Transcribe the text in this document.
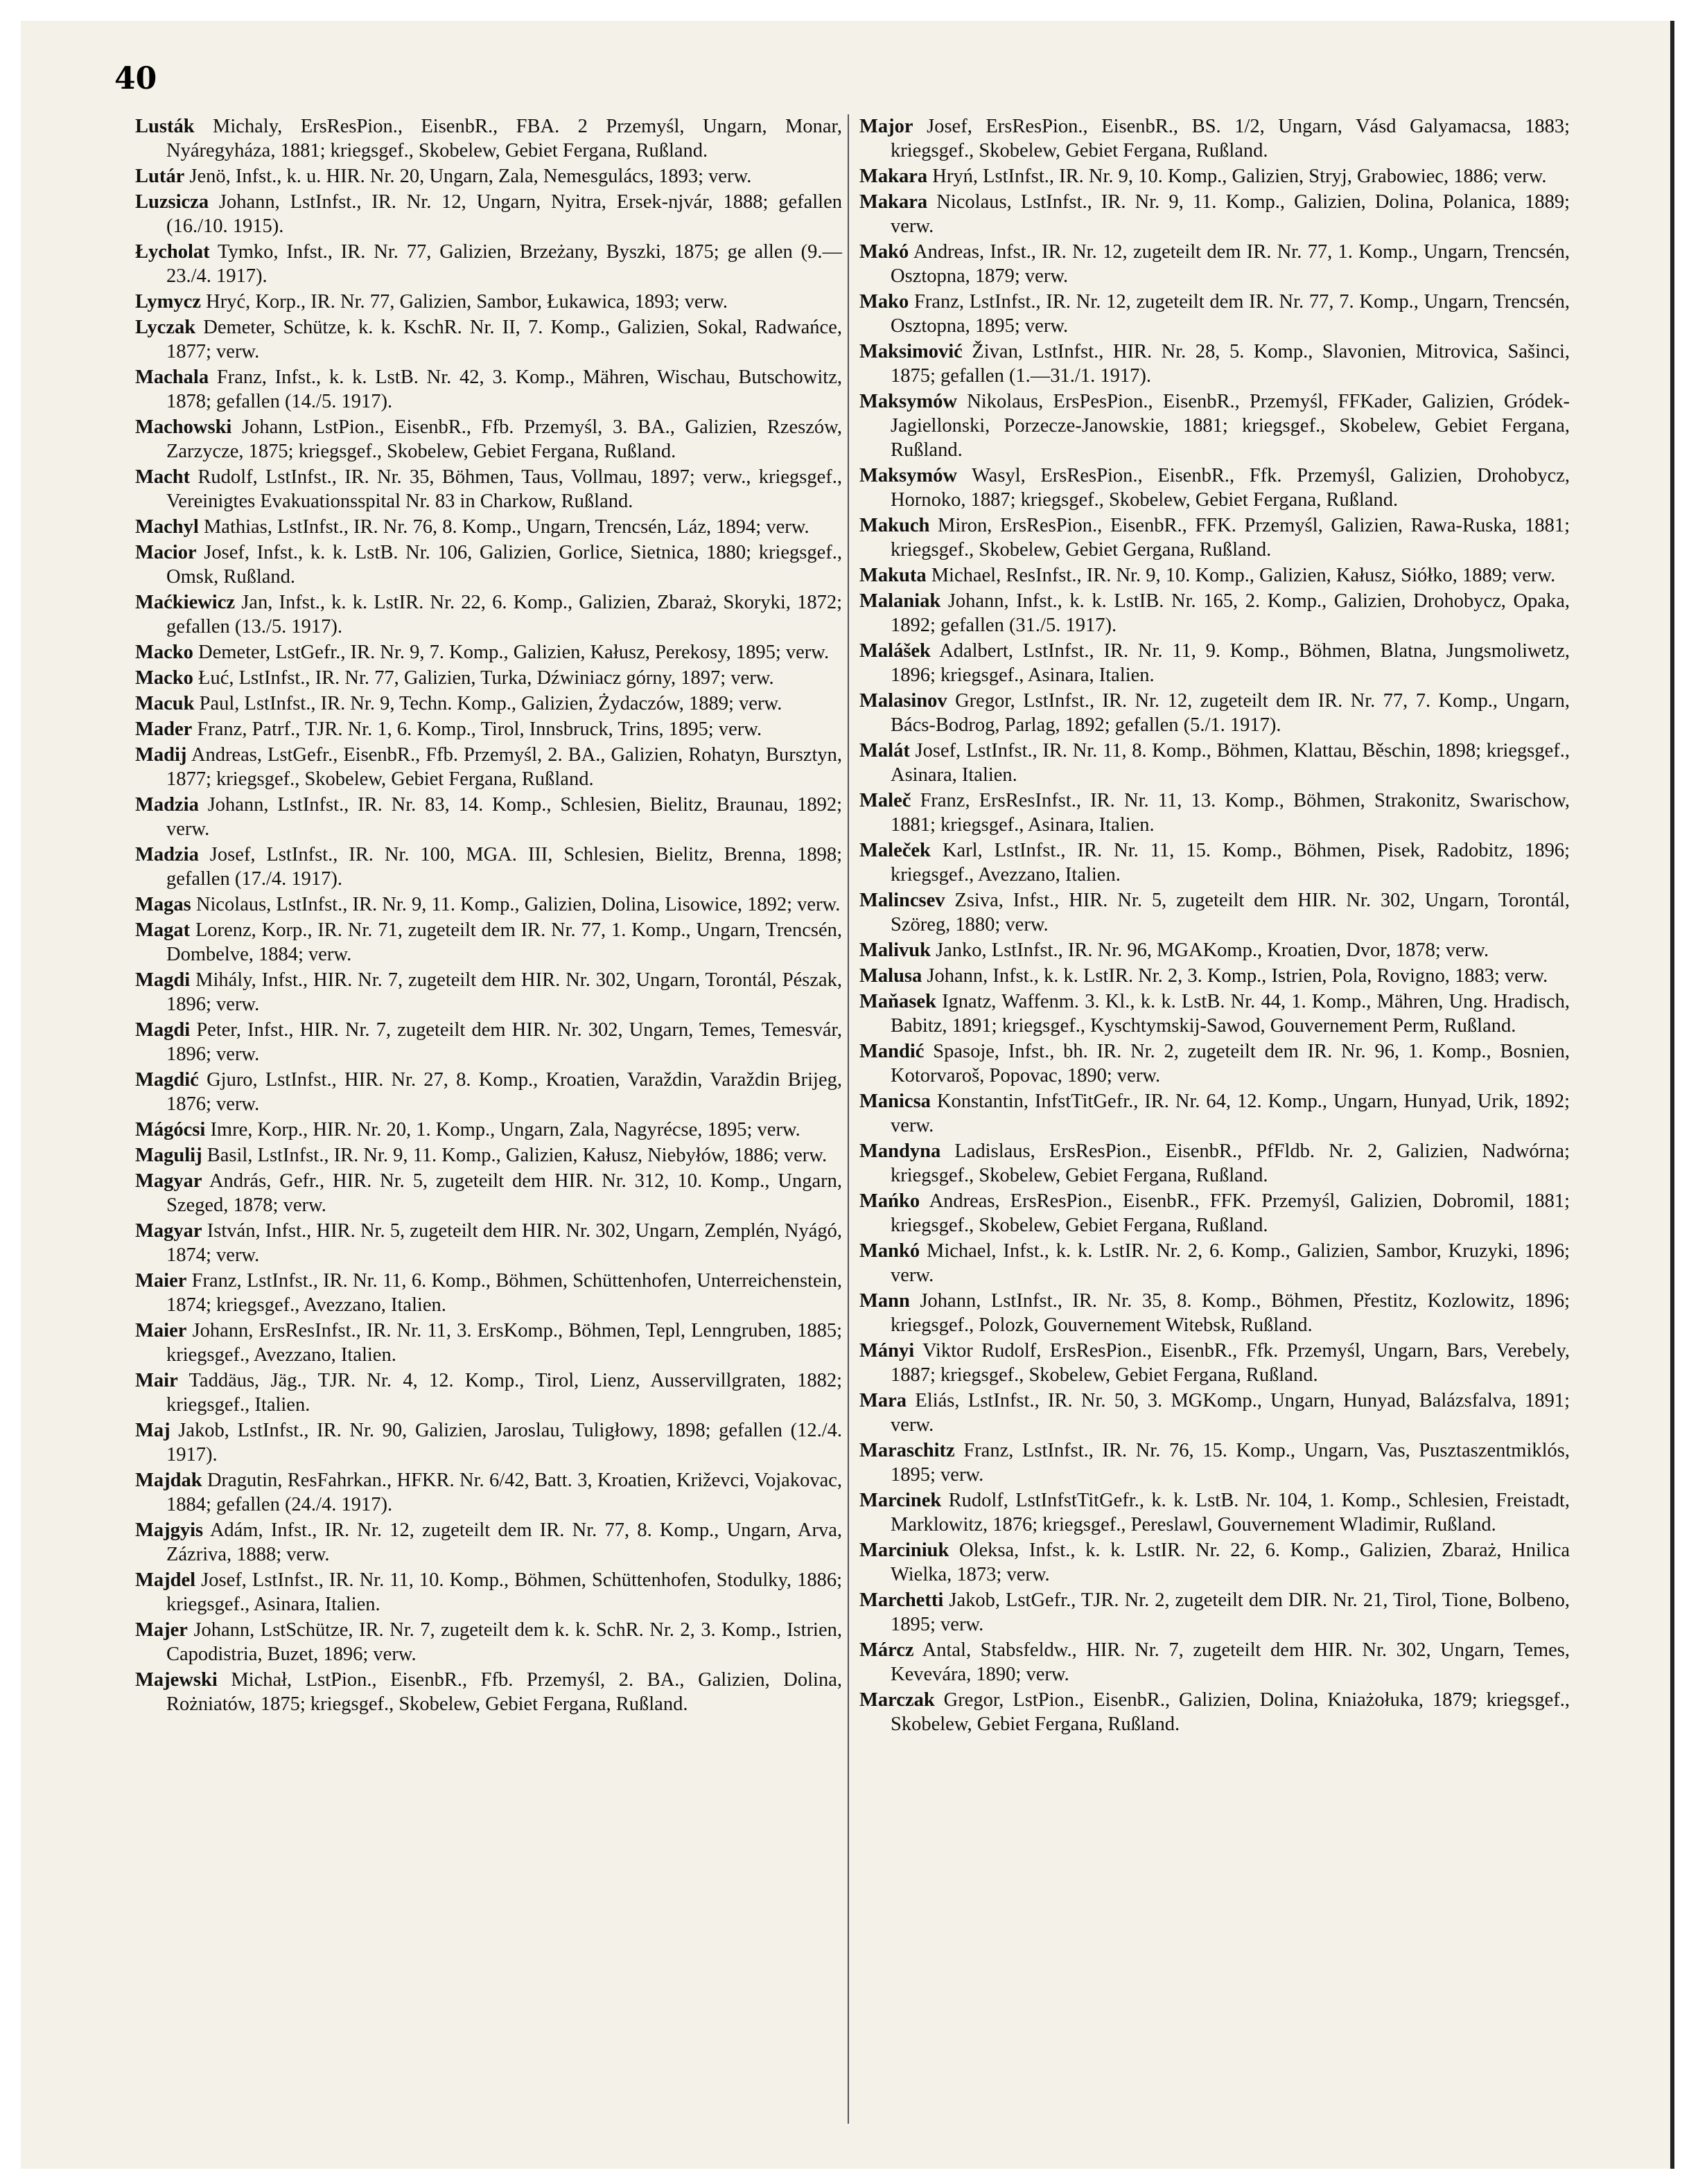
40

Lusták Michaly, ErsResPion., EisenbR., FBA. 2 Przemyśl, Ungarn, Monar, Nyáregyháza, 1881; kriegsgef., Skobelew, Gebiet Fergana, Rußland.

Lutár Jenö, Infst., k. u. HIR. Nr. 20, Ungarn, Zala, Nemesgulács, 1893; verw.

Luzsicza Johann, LstInfst., IR. Nr. 12, Ungarn, Nyitra, Ersek-njvár, 1888; gefallen (16./10. 1915).

Łycholat Tymko, Infst., IR. Nr. 77, Galizien, Brzeżany, Byszki, 1875; ge allen (9.—23./4. 1917).

Lymycz Hryć, Korp., IR. Nr. 77, Galizien, Sambor, Łukawica, 1893; verw.

Lyczak Demeter, Schütze, k. k. KschR. Nr. II, 7. Komp., Galizien, Sokal, Radwańce, 1877; verw.

Machala Franz, Infst., k. k. LstB. Nr. 42, 3. Komp., Mähren, Wischau, Butschowitz, 1878; gefallen (14./5. 1917).

Machowski Johann, LstPion., EisenbR., Ffb. Przemyśl, 3. BA., Galizien, Rzeszów, Zarzycze, 1875; kriegsgef., Skobelew, Gebiet Fergana, Rußland.

Macht Rudolf, LstInfst., IR. Nr. 35, Böhmen, Taus, Vollmau, 1897; verw., kriegsgef., Vereinigtes Evakuationsspital Nr. 83 in Charkow, Rußland.

Machyl Mathias, LstInfst., IR. Nr. 76, 8. Komp., Ungarn, Trencsén, Láz, 1894; verw.

Macior Josef, Infst., k. k. LstB. Nr. 106, Galizien, Gorlice, Sietnica, 1880; kriegsgef., Omsk, Rußland.

Maćkiewicz Jan, Infst., k. k. LstIR. Nr. 22, 6. Komp., Galizien, Zbaraż, Skoryki, 1872; gefallen (13./5. 1917).

Macko Demeter, LstGefr., IR. Nr. 9, 7. Komp., Galizien, Kałusz, Perekosy, 1895; verw.

Macko Łuć, LstInfst., IR. Nr. 77, Galizien, Turka, Dźwiniacz górny, 1897; verw.

Macuk Paul, LstInfst., IR. Nr. 9, Techn. Komp., Galizien, Żydaczów, 1889; verw.

Mader Franz, Patrf., TJR. Nr. 1, 6. Komp., Tirol, Innsbruck, Trins, 1895; verw.

Madij Andreas, LstGefr., EisenbR., Ffb. Przemyśl, 2. BA., Galizien, Rohatyn, Bursztyn, 1877; kriegsgef., Skobelew, Gebiet Fergana, Rußland.

Madzia Johann, LstInfst., IR. Nr. 83, 14. Komp., Schlesien, Bielitz, Braunau, 1892; verw.

Madzia Josef, LstInfst., IR. Nr. 100, MGA. III, Schlesien, Bielitz, Brenna, 1898; gefallen (17./4. 1917).

Magas Nicolaus, LstInfst., IR. Nr. 9, 11. Komp., Galizien, Dolina, Lisowice, 1892; verw.

Magat Lorenz, Korp., IR. Nr. 71, zugeteilt dem IR. Nr. 77, 1. Komp., Ungarn, Trencsén, Dombelve, 1884; verw.

Magdi Mihály, Infst., HIR. Nr. 7, zugeteilt dem HIR. Nr. 302, Ungarn, Torontál, Pészak, 1896; verw.

Magdi Peter, Infst., HIR. Nr. 7, zugeteilt dem HIR. Nr. 302, Ungarn, Temes, Temesvár, 1896; verw.

Magdić Gjuro, LstInfst., HIR. Nr. 27, 8. Komp., Kroatien, Varaždin, Varaždin Brijeg, 1876; verw.

Mágócsi Imre, Korp., HIR. Nr. 20, 1. Komp., Ungarn, Zala, Nagyrécse, 1895; verw.

Magulij Basil, LstInfst., IR. Nr. 9, 11. Komp., Galizien, Kałusz, Niebyłów, 1886; verw.

Magyar András, Gefr., HIR. Nr. 5, zugeteilt dem HIR. Nr. 312, 10. Komp., Ungarn, Szeged, 1878; verw.

Magyar István, Infst., HIR. Nr. 5, zugeteilt dem HIR. Nr. 302, Ungarn, Zemplén, Nyágó, 1874; verw.

Maier Franz, LstInfst., IR. Nr. 11, 6. Komp., Böhmen, Schüttenhofen, Unterreichenstein, 1874; kriegsgef., Avezzano, Italien.

Maier Johann, ErsResInfst., IR. Nr. 11, 3. ErsKomp., Böhmen, Tepl, Lenngruben, 1885; kriegsgef., Avezzano, Italien.

Mair Taddäus, Jäg., TJR. Nr. 4, 12. Komp., Tirol, Lienz, Ausservillgraten, 1882; kriegsgef., Italien.

Maj Jakob, LstInfst., IR. Nr. 90, Galizien, Jaroslau, Tuligłowy, 1898; gefallen (12./4. 1917).

Majdak Dragutin, ResFahrkan., HFKR. Nr. 6/42, Batt. 3, Kroatien, Križevci, Vojakovac, 1884; gefallen (24./4. 1917).

Majgyis Adám, Infst., IR. Nr. 12, zugeteilt dem IR. Nr. 77, 8. Komp., Ungarn, Arva, Zázriva, 1888; verw.

Majdel Josef, LstInfst., IR. Nr. 11, 10. Komp., Böhmen, Schüttenhofen, Stodulky, 1886; kriegsgef., Asinara, Italien.

Majer Johann, LstSchütze, IR. Nr. 7, zugeteilt dem k. k. SchR. Nr. 2, 3. Komp., Istrien, Capodistria, Buzet, 1896; verw.

Majewski Michał, LstPion., EisenbR., Ffb. Przemyśl, 2. BA., Galizien, Dolina, Rożniatów, 1875; kriegsgef., Skobelew, Gebiet Fergana, Rußland.

Major Josef, ErsResPion., EisenbR., BS. 1/2, Ungarn, Vásd Galyamacsa, 1883; kriegsgef., Skobelew, Gebiet Fergana, Rußland.

Makara Hryń, LstInfst., IR. Nr. 9, 10. Komp., Galizien, Stryj, Grabowiec, 1886; verw.

Makara Nicolaus, LstInfst., IR. Nr. 9, 11. Komp., Galizien, Dolina, Polanica, 1889; verw.

Makó Andreas, Infst., IR. Nr. 12, zugeteilt dem IR. Nr. 77, 1. Komp., Ungarn, Trencsén, Osztopna, 1879; verw.

Mako Franz, LstInfst., IR. Nr. 12, zugeteilt dem IR. Nr. 77, 7. Komp., Ungarn, Trencsén, Osztopna, 1895; verw.

Maksimović Živan, LstInfst., HIR. Nr. 28, 5. Komp., Slavonien, Mitrovica, Sašinci, 1875; gefallen (1.—31./1. 1917).

Maksymów Nikolaus, ErsPesPion., EisenbR., Przemyśl, FFKader, Galizien, Gródek-Jagiellonski, Porzecze-Janowskie, 1881; kriegsgef., Skobelew, Gebiet Fergana, Rußland.

Maksymów Wasyl, ErsResPion., EisenbR., Ffk. Przemyśl, Galizien, Drohobycz, Hornoko, 1887; kriegsgef., Skobelew, Gebiet Fergana, Rußland.

Makuch Miron, ErsResPion., EisenbR., FFK. Przemyśl, Galizien, Rawa-Ruska, 1881; kriegsgef., Skobelew, Gebiet Gergana, Rußland.

Makuta Michael, ResInfst., IR. Nr. 9, 10. Komp., Galizien, Kałusz, Siółko, 1889; verw.

Malaniak Johann, Infst., k. k. LstIB. Nr. 165, 2. Komp., Galizien, Drohobycz, Opaka, 1892; gefallen (31./5. 1917).

Malášek Adalbert, LstInfst., IR. Nr. 11, 9. Komp., Böhmen, Blatna, Jungsmoliwetz, 1896; kriegsgef., Asinara, Italien.

Malasinov Gregor, LstInfst., IR. Nr. 12, zugeteilt dem IR. Nr. 77, 7. Komp., Ungarn, Bács-Bodrog, Parlag, 1892; gefallen (5./1. 1917).

Malát Josef, LstInfst., IR. Nr. 11, 8. Komp., Böhmen, Klattau, Běschin, 1898; kriegsgef., Asinara, Italien.

Maleč Franz, ErsResInfst., IR. Nr. 11, 13. Komp., Böhmen, Strakonitz, Swarischow, 1881; kriegsgef., Asinara, Italien.

Maleček Karl, LstInfst., IR. Nr. 11, 15. Komp., Böhmen, Pisek, Radobitz, 1896; kriegsgef., Avezzano, Italien.

Malincsev Zsiva, Infst., HIR. Nr. 5, zugeteilt dem HIR. Nr. 302, Ungarn, Torontál, Szöreg, 1880; verw.

Malivuk Janko, LstInfst., IR. Nr. 96, MGAKomp., Kroatien, Dvor, 1878; verw.

Malusa Johann, Infst., k. k. LstIR. Nr. 2, 3. Komp., Istrien, Pola, Rovigno, 1883; verw.

Maňasek Ignatz, Waffenm. 3. Kl., k. k. LstB. Nr. 44, 1. Komp., Mähren, Ung. Hradisch, Babitz, 1891; kriegsgef., Kyschtymskij-Sawod, Gouvernement Perm, Rußland.

Mandić Spasoje, Infst., bh. IR. Nr. 2, zugeteilt dem IR. Nr. 96, 1. Komp., Bosnien, Kotorvaroš, Popovac, 1890; verw.

Manicsa Konstantin, InfstTitGefr., IR. Nr. 64, 12. Komp., Ungarn, Hunyad, Urik, 1892; verw.

Mandyna Ladislaus, ErsResPion., EisenbR., PfFldb. Nr. 2, Galizien, Nadwórna; kriegsgef., Skobelew, Gebiet Fergana, Rußland.

Mańko Andreas, ErsResPion., EisenbR., FFK. Przemyśl, Galizien, Dobromil, 1881; kriegsgef., Skobelew, Gebiet Fergana, Rußland.

Mankó Michael, Infst., k. k. LstIR. Nr. 2, 6. Komp., Galizien, Sambor, Kruzyki, 1896; verw.

Mann Johann, LstInfst., IR. Nr. 35, 8. Komp., Böhmen, Přestitz, Kozlowitz, 1896; kriegsgef., Polozk, Gouvernement Witebsk, Rußland.

Mányi Viktor Rudolf, ErsResPion., EisenbR., Ffk. Przemyśl, Ungarn, Bars, Verebely, 1887; kriegsgef., Skobelew, Gebiet Fergana, Rußland.

Mara Eliás, LstInfst., IR. Nr. 50, 3. MGKomp., Ungarn, Hunyad, Balázsfalva, 1891; verw.

Maraschitz Franz, LstInfst., IR. Nr. 76, 15. Komp., Ungarn, Vas, Pusztaszentmiklós, 1895; verw.

Marcinek Rudolf, LstInfstTitGefr., k. k. LstB. Nr. 104, 1. Komp., Schlesien, Freistadt, Marklowitz, 1876; kriegsgef., Pereslawl, Gouvernement Wladimir, Rußland.

Marciniuk Oleksa, Infst., k. k. LstIR. Nr. 22, 6. Komp., Galizien, Zbaraż, Hnilica Wielka, 1873; verw.

Marchetti Jakob, LstGefr., TJR. Nr. 2, zugeteilt dem DIR. Nr. 21, Tirol, Tione, Bolbeno, 1895; verw.

Márcz Antal, Stabsfeldw., HIR. Nr. 7, zugeteilt dem HIR. Nr. 302, Ungarn, Temes, Kevevára, 1890; verw.

Marczak Gregor, LstPion., EisenbR., Galizien, Dolina, Kniażołuka, 1879; kriegsgef., Skobelew, Gebiet Fergana, Rußland.
